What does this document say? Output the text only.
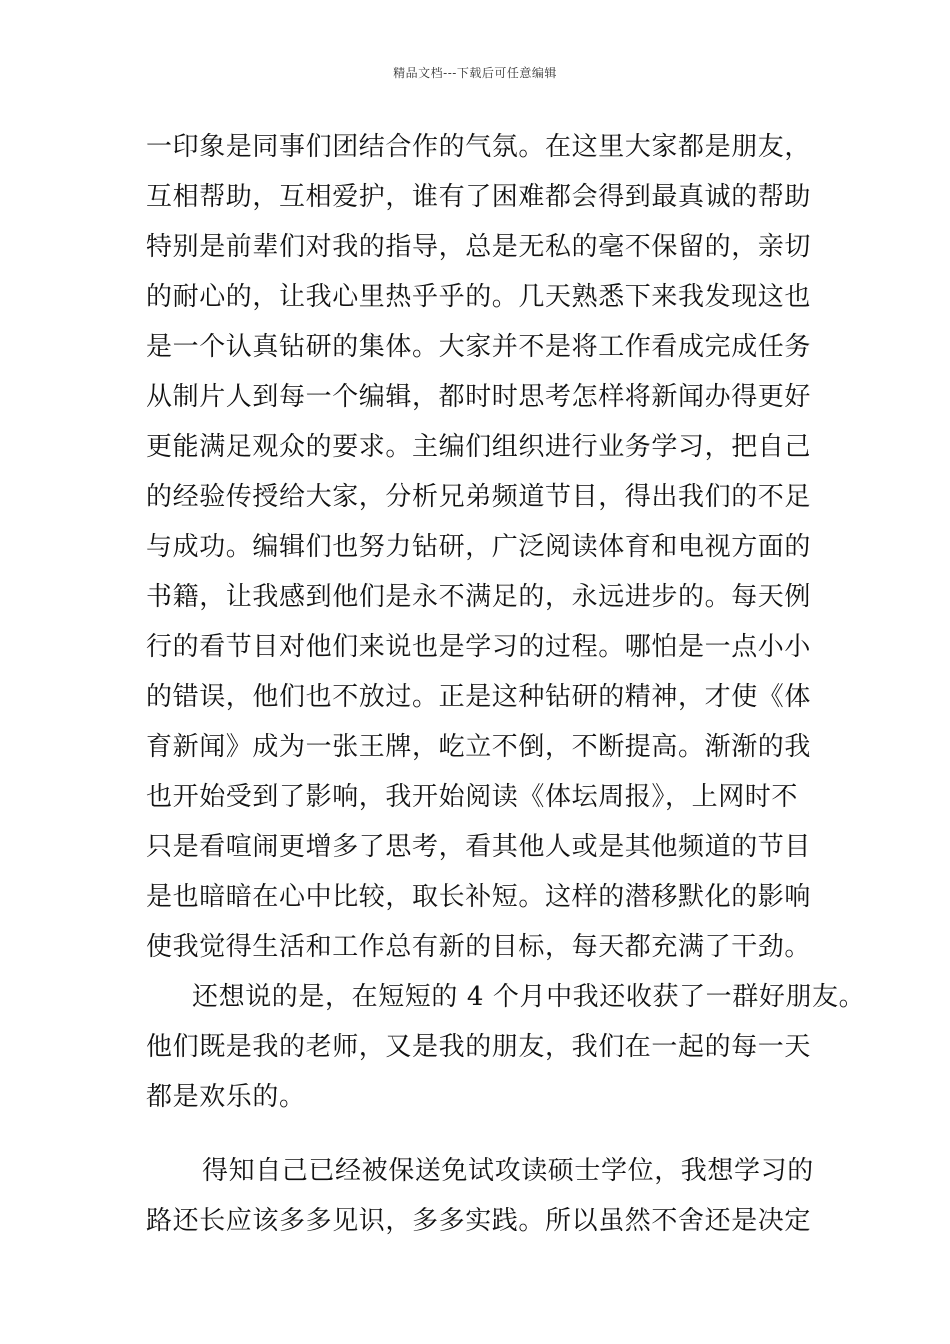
精品文档---下载后可任意编辑
一印象是同事们团结合作的气氛。在这里大家都是朋友，
互相帮助，互相爱护，谁有了困难都会得到最真诚的帮助
特别是前辈们对我的指导，总是无私的毫不保留的，亲切
的耐心的，让我心里热乎乎的。几天熟悉下来我发现这也
是一个认真钻研的集体。大家并不是将工作看成完成任务
从制片人到每一个编辑，都时时思考怎样将新闻办得更好
更能满足观众的要求。主编们组织进行业务学习，把自己
的经验传授给大家，分析兄弟频道节目，得出我们的不足
与成功。编辑们也努力钻研，广泛阅读体育和电视方面的
书籍，让我感到他们是永不满足的，永远进步的。每天例
行的看节目对他们来说也是学习的过程。哪怕是一点小小
的错误，他们也不放过。正是这种钻研的精神，才使《体
育新闻》成为一张王牌，屹立不倒，不断提高。渐渐的我
也开始受到了影响，我开始阅读《体坛周报》，上网时不
只是看喧闹更增多了思考，看其他人或是其他频道的节目
是也暗暗在心中比较，取长补短。这样的潜移默化的影响
使我觉得生活和工作总有新的目标，每天都充满了干劲。
还想说的是，在短短的 4 个月中我还收获了一群好朋友。
他们既是我的老师，又是我的朋友，我们在一起的每一天
都是欢乐的。
得知自己已经被保送免试攻读硕士学位，我想学习的
路还长应该多多见识，多多实践。所以虽然不舍还是决定
